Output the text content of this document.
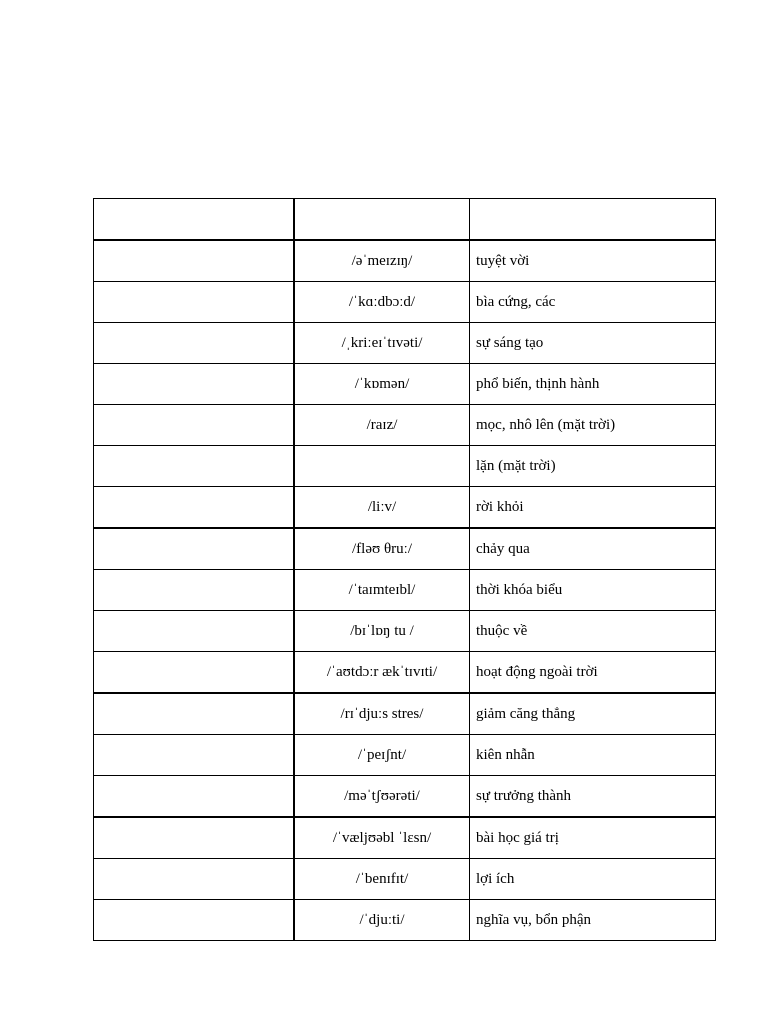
	/əˈmeɪzɪŋ/	tuyệt vời
	/ˈkɑːdbɔːd/	bìa cứng, các
	/ˌkriːeɪˈtɪvəti/	sự sáng tạo
	/ˈkɒmən/	phổ biến, thịnh hành
	/raɪz/	mọc, nhô lên (mặt trời)
		lặn (mặt trời)
	/liːv/	rời khỏi
	/fləʊ θruː/	chảy qua
	/ˈtaɪmteɪbl/	thời khóa biểu
	/bɪˈlɒŋ tu /	thuộc về
	/ˈaʊtdɔːr ækˈtɪvɪti/	hoạt động ngoài trời
	/rɪˈdjuːs stres/	giảm căng thẳng
	/ˈpeɪʃnt/	kiên nhẫn
	/məˈtʃʊərəti/	sự trưởng thành
	/ˈvæljʊəbl ˈlɛsn/	bài học giá trị
	/ˈbenɪfɪt/	lợi ích
	/ˈdjuːti/	nghĩa vụ, bổn phận
